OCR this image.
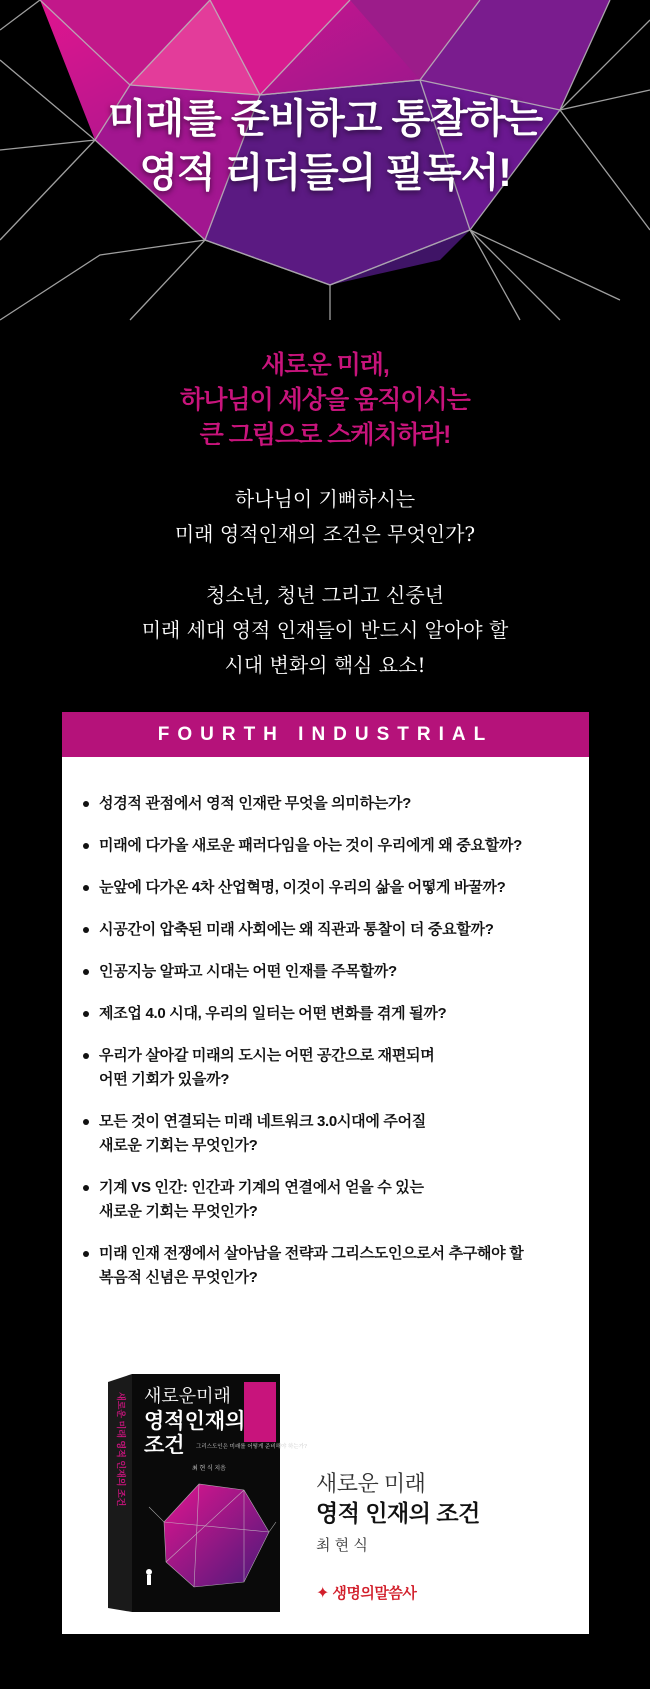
미래를 준비하고 통찰하는
영적 리더들의 필독서!
새로운 미래,
하나님이 세상을 움직이시는
큰 그림으로 스케치하라!
하나님이 기뻐하시는
미래 영적인재의 조건은 무엇인가?
청소년, 청년 그리고 신중년
미래 세대 영적 인재들이 반드시 알아야 할
시대 변화의 핵심 요소!
FOURTH INDUSTRIAL REVOLUTION
성경적 관점에서 영적 인재란 무엇을 의미하는가?
미래에 다가올 새로운 패러다임을 아는 것이 우리에게 왜 중요할까?
눈앞에 다가온 4차 산업혁명, 이것이 우리의 삶을 어떻게 바꿀까?
시공간이 압축된 미래 사회에는 왜 직관과 통찰이 더 중요할까?
인공지능 알파고 시대는 어떤 인재를 주목할까?
제조업 4.0 시대, 우리의 일터는 어떤 변화를 겪게 될까?
우리가 살아갈 미래의 도시는 어떤 공간으로 재편되며
어떤 기회가 있을까?
모든 것이 연결되는 미래 네트워크 3.0시대에 주어질
새로운 기회는 무엇인가?
기계 VS 인간: 인간과 기계의 연결에서 얻을 수 있는
새로운 기회는 무엇인가?
미래 인재 전쟁에서 살아남을 전략과 그리스도인으로서 추구해야 할
복음적 신념은 무엇인가?
새로운미래
영적인재의
조건 그리스도인은 미래를 어떻게 준비해야 하는가?
최 현 식 지음
새로운 미래 영적 인재의 조건	새로운 미래
영적 인재의 조건
최 현 식
✦ 생명의말씀사
